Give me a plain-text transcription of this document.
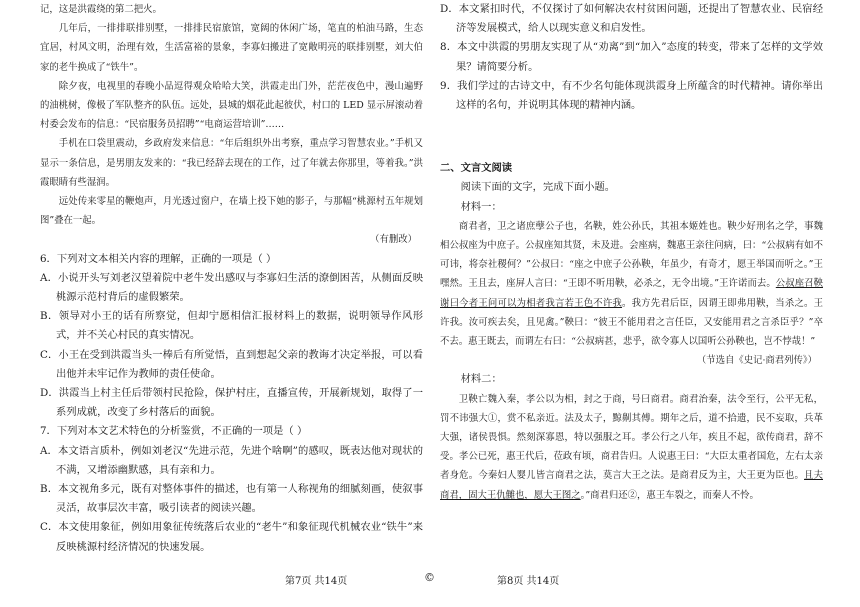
记，这是洪霞绕的第二把火。

几年后，一排排联排别墅，一排排民宿旅馆，宽阔的休闲广场，笔直的柏油马路，生态宜居，村风文明，治理有效，生活富裕的景象，李寡妇搬进了宽敞明亮的联排别墅，刘大伯家的老牛换成了“铁牛”。

除夕夜，电视里的春晚小品逗得观众哈哈大笑，洪霞走出门外，茫茫夜色中，漫山遍野的油桃树，像极了军队整齐的队伍。远处，县城的烟花此起彼伏，村口的 LED 显示屏滚动着村委会发布的信息：“民宿服务员招聘”“电商运营培训”……

手机在口袋里震动，乡政府发来信息：“年后组织外出考察，重点学习智慧农业。”手机又显示一条信息，是男朋友发来的：“我已经辞去现在的工作，过了年就去你那里，等着我。”洪霞眼睛有些湿润。

远处传来零星的鞭炮声，月光透过窗户，在墙上投下她的影子，与那幅“桃源村五年规划图”叠在一起。

（有删改）

6．下列对文本相关内容的理解，正确的一项是（ ）

A．小说开头写刘老汉望着院中老牛发出感叹与李寡妇生活的潦倒困苦，从侧面反映桃源示范村背后的虚假繁荣。

B．领导对小王的话有所察觉，但却宁愿相信汇报材料上的数据，说明领导作风形式，并不关心村民的真实情况。

C．小王在受到洪霞当头一棒后有所觉悟，直到想起父亲的教诲才决定举报，可以看出他并未牢记作为教师的责任使命。

D．洪霞当上村主任后带领村民抢险，保护村庄，直播宣传，开展新规划，取得了一系列成就，改变了乡村落后的面貌。

7．下列对本文艺术特色的分析鉴赏，不正确的一项是（ ）

A．本文语言质朴，例如刘老汉“先进示范，先进个啥啊”的感叹，既表达他对现状的不满，又增添幽默感，具有亲和力。

B．本文视角多元，既有对整体事件的描述，也有第一人称视角的细腻刻画，使叙事灵活，故事层次丰富，吸引读者的阅读兴趣。

C．本文使用象征，例如用象征传统落后农业的“老牛”和象征现代机械农业“铁牛”来反映桃源村经济情况的快速发展。

D．本文紧扣时代，不仅探讨了如何解决农村贫困问题，还提出了智慧农业、民宿经济等发展模式，给人以现实意义和启发性。

8．本文中洪霞的男朋友实现了从“劝离”到“加入”态度的转变，带来了怎样的文学效果？请简要分析。

9．我们学过的古诗文中，有不少名句能体现洪霞身上所蕴含的时代精神。请你举出这样的名句，并说明其体现的精神内涵。

二、文言文阅读

阅读下面的文字，完成下面小题。

材料一：

商君者，卫之诸庶孽公子也，名鞅，姓公孙氏，其祖本姬姓也。鞅少好刑名之学，事魏相公叔座为中庶子。公叔座知其贤，未及进。会座病，魏惠王亲往问病，曰：“公叔病有如不可讳，将奈社稷何？”公叔曰：“座之中庶子公孙鞅，年虽少，有奇才，愿王举国而听之。”王嘿然。王且去，座屏人言曰：“王即不听用鞅，必杀之，无令出境。”王许诺而去。公叔座召鞅谢曰今者王问可以为相者我言若王色不许我。我方先君后臣，因谓王即弗用鞅，当杀之。王许我。汝可疾去矣，且见禽。”鞅曰：“彼王不能用君之言任臣，又安能用君之言杀臣乎？”卒不去。惠王既去，而谓左右曰：“公叔病甚，悲乎，欲令寡人以国听公孙鞅也，岂不悖哉！”

（节选自《史记·商君列传》）

材料二：

卫鞅亡魏入秦，孝公以为相，封之于商，号曰商君。商君治秦，法令至行，公平无私，罚不讳强大①，赏不私亲近。法及太子，黥劓其傅。期年之后，道不拾遗，民不妄取，兵革大强，诸侯畏惧。然刻深寡恩，特以强服之耳。孝公行之八年，疾且不起，欲传商君，辞不受。孝公已死，惠王代后，莅政有顷，商君告归。人说惠王曰：“大臣太重者国危，左右太亲者身危。今秦妇人婴儿皆言商君之法，莫言大王之法。是商君反为主，大王更为臣也。且夫商君，固大王仇雠也，愿大王图之。”商君归还②，惠王车裂之，而秦人不怜。

第7页 共14页	©	第8页 共14页
